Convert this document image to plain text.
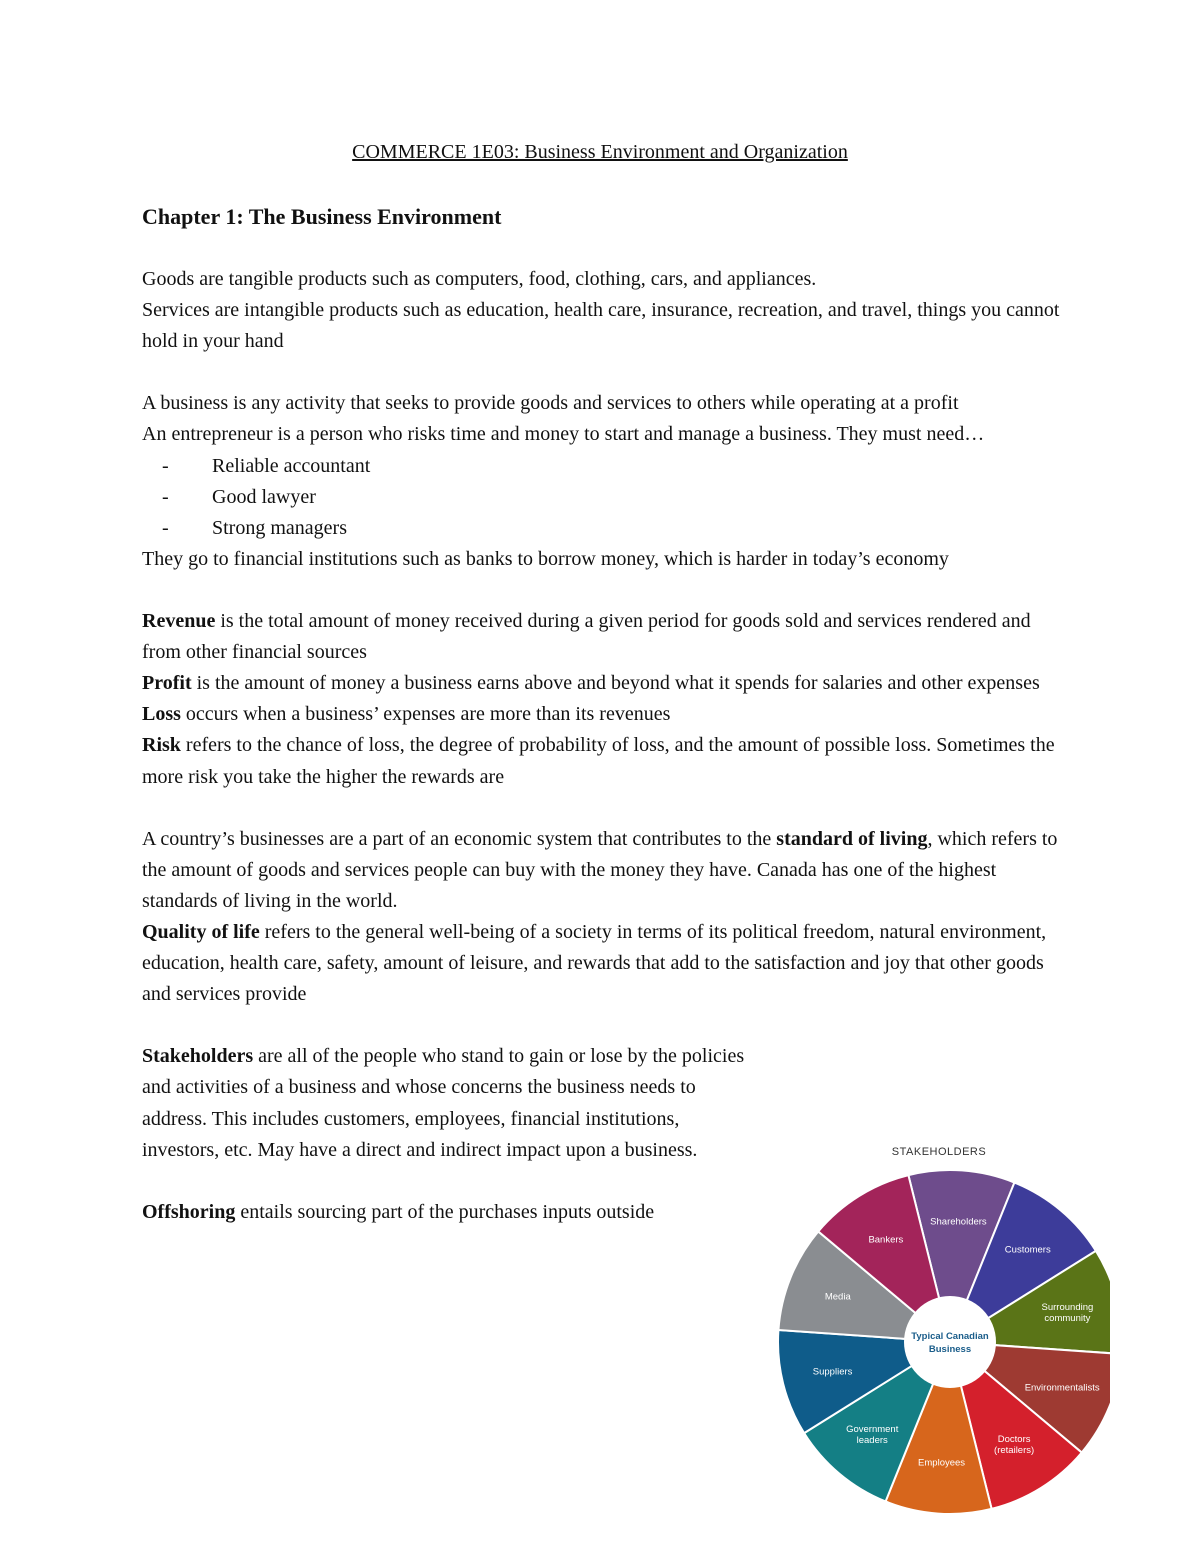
COMMERCE 1E03: Business Environment and Organization
Chapter 1: The Business Environment

Goods are tangible products such as computers, food, clothing, cars, and appliances.

Services are intangible products such as education, health care, insurance, recreation, and travel, things you cannot hold in your hand

A business is any activity that seeks to provide goods and services to others while operating at a profit

An entrepreneur is a person who risks time and money to start and manage a business. They must need…

- Reliable accountant

- Good lawyer

- Strong managers

They go to financial institutions such as banks to borrow money, which is harder in today’s economy

Revenue is the total amount of money received during a given period for goods sold and services rendered and from other financial sources

Profit is the amount of money a business earns above and beyond what it spends for salaries and other expenses

Loss occurs when a business’ expenses are more than its revenues

Risk refers to the chance of loss, the degree of probability of loss, and the amount of possible loss. Sometimes the more risk you take the higher the rewards are

A country’s businesses are a part of an economic system that contributes to the standard of living, which refers to the amount of goods and services people can buy with the money they have. Canada has one of the highest standards of living in the world.

Quality of life refers to the general well-being of a society in terms of its political freedom, natural environment, education, health care, safety, amount of leisure, and rewards that add to the satisfaction and joy that other goods and services provide

Stakeholders are all of the people who stand to gain or lose by the policies and activities of a business and whose concerns the business needs to address. This includes customers, employees, financial institutions, investors, etc. May have a direct and indirect impact upon a business.

Offshoring entails sourcing part of the purchases inputs outside

STAKEHOLDERS
Shareholders
Customers
Surrounding community
Environmentalists
Doctors (retailers)
Employees
Government leaders
Suppliers
Media
Bankers
Typical Canadian
Business
